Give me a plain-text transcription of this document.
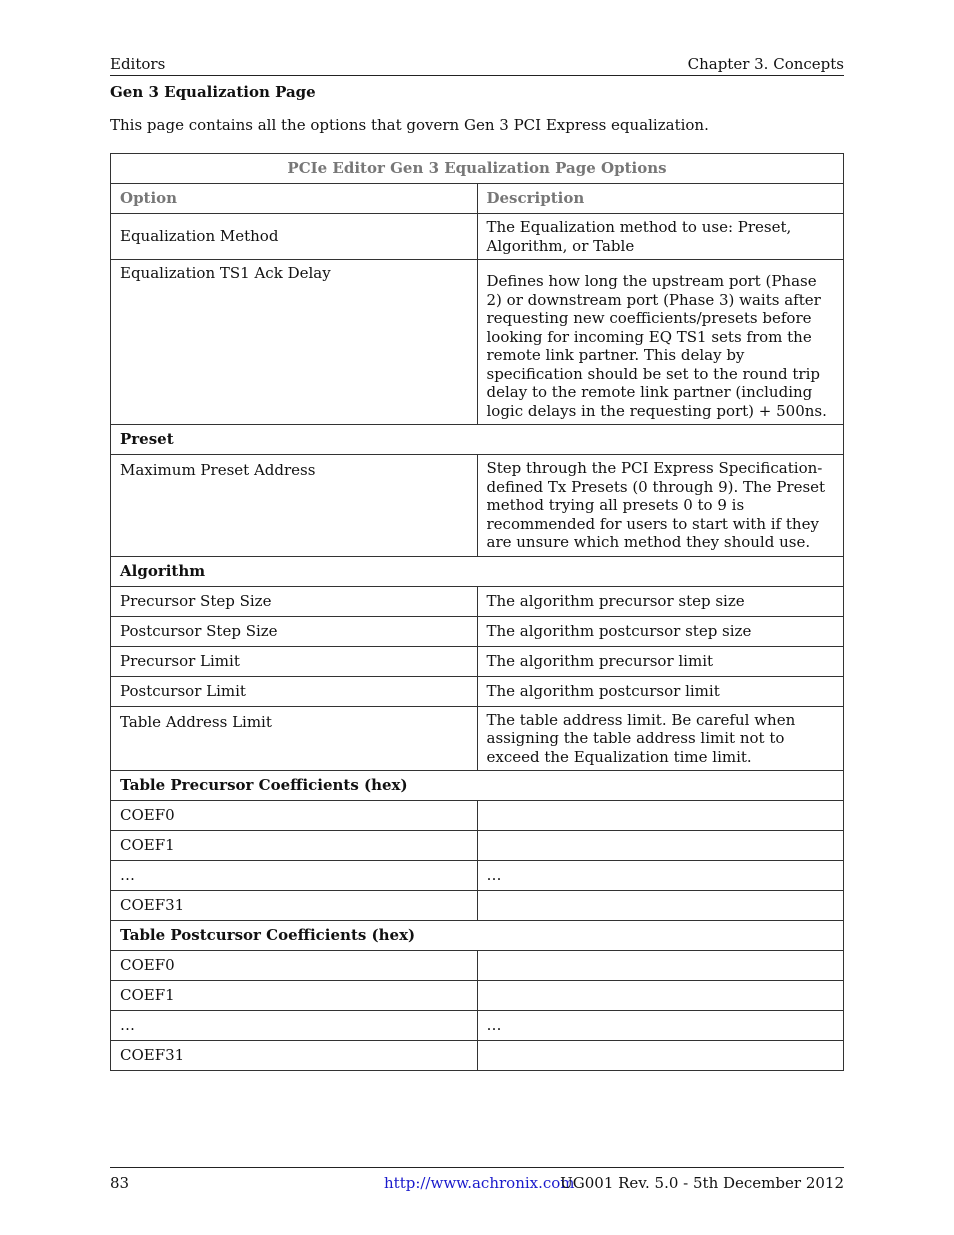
Editors	Chapter 3. Concepts
Gen 3 Equalization Page
This page contains all the options that govern Gen 3 PCI Express equalization.
PCIe Editor Gen 3 Equalization Page Options	
Option	Description
Equalization Method	The Equalization method to use: Preset, Algorithm, or Table
Equalization TS1 Ack Delay	Defines how long the upstream port (Phase 2) or downstream port (Phase 3) waits after requesting new coefficients/presets before looking for incoming EQ TS1 sets from the remote link partner. This delay by specification should be set to the round trip delay to the remote link partner (including logic delays in the requesting port) + 500ns.
Preset	
Maximum Preset Address	Step through the PCI Express Specification-defined Tx Presets (0 through 9). The Preset method trying all presets 0 to 9 is recommended for users to start with if they are unsure which method they should use.
Algorithm	
Precursor Step Size	The algorithm precursor step size
Postcursor Step Size	The algorithm postcursor step size
Precursor Limit	The algorithm precursor limit
Postcursor Limit	The algorithm postcursor limit
Table Address Limit	The table address limit. Be careful when assigning the table address limit not to exceed the Equalization time limit.
Table Precursor Coefficients (hex)	
COEF0	
COEF1	
…	…
COEF31	
Table Postcursor Coefficients (hex)	
COEF0	
COEF1	
…	…
COEF31	
83	http://www.achronix.com
UG001 Rev. 5.0 - 5th December 2012
